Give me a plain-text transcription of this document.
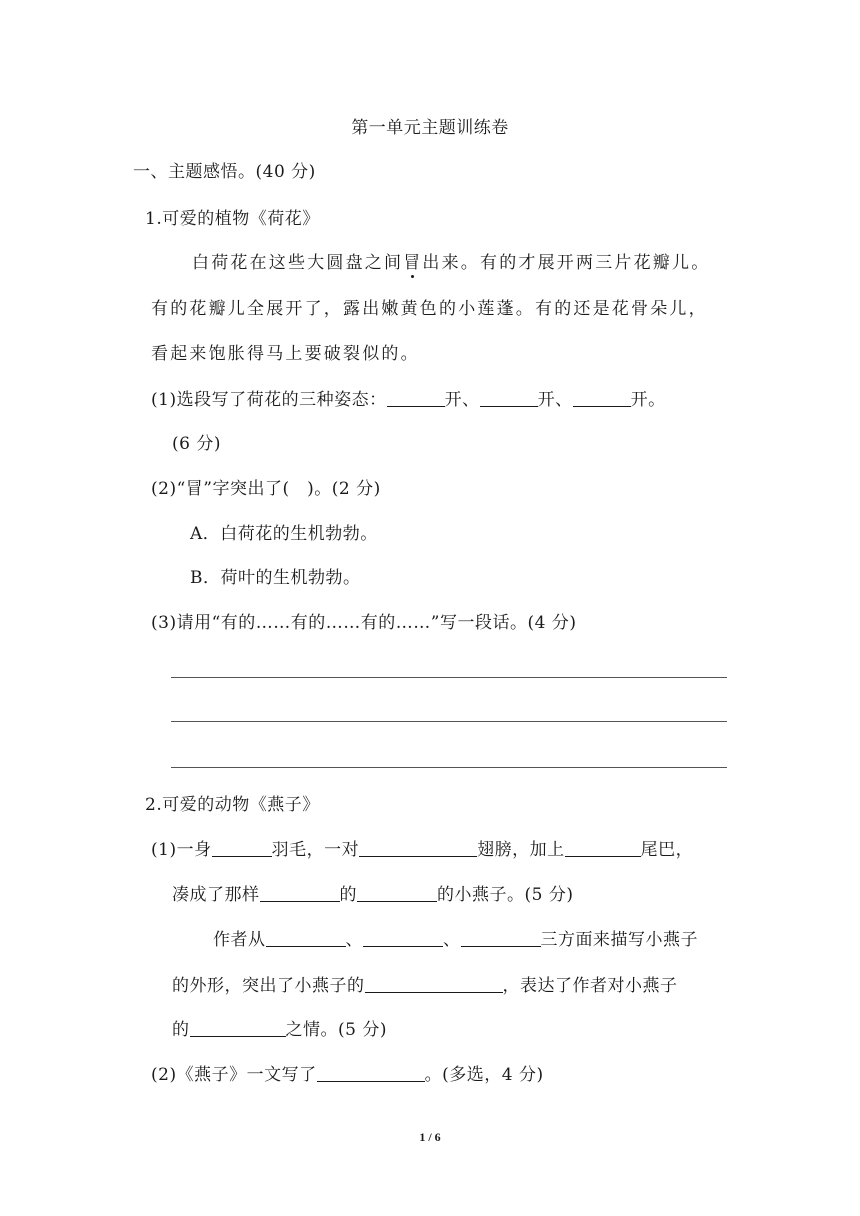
第一单元主题训练卷
一、主题感悟。(40 分)
1.可爱的植物《荷花》
白荷花在这些大圆盘之间冒出来。有的才展开两三片花瓣儿。
有的花瓣儿全展开了，露出嫩黄色的小莲蓬。有的还是花骨朵儿，
看起来饱胀得马上要破裂似的。
(1)选段写了荷花的三种姿态：	开、	开、	开。
(6 分)
(2)“冒”字突出了(　)。(2 分)
A．白荷花的生机勃勃。
B．荷叶的生机勃勃。
(3)请用“有的……有的……有的……”写一段话。(4 分)
2.可爱的动物《燕子》
(1)一身	羽毛，一对	翅膀，加上	尾巴，
凑成了那样	的	的小燕子。(5 分)
作者从	、	、	三方面来描写小燕子
的外形，突出了小燕子的	，表达了作者对小燕子
的	之情。(5 分)
(2)《燕子》一文写了	。(多选，4 分)
1 / 6
